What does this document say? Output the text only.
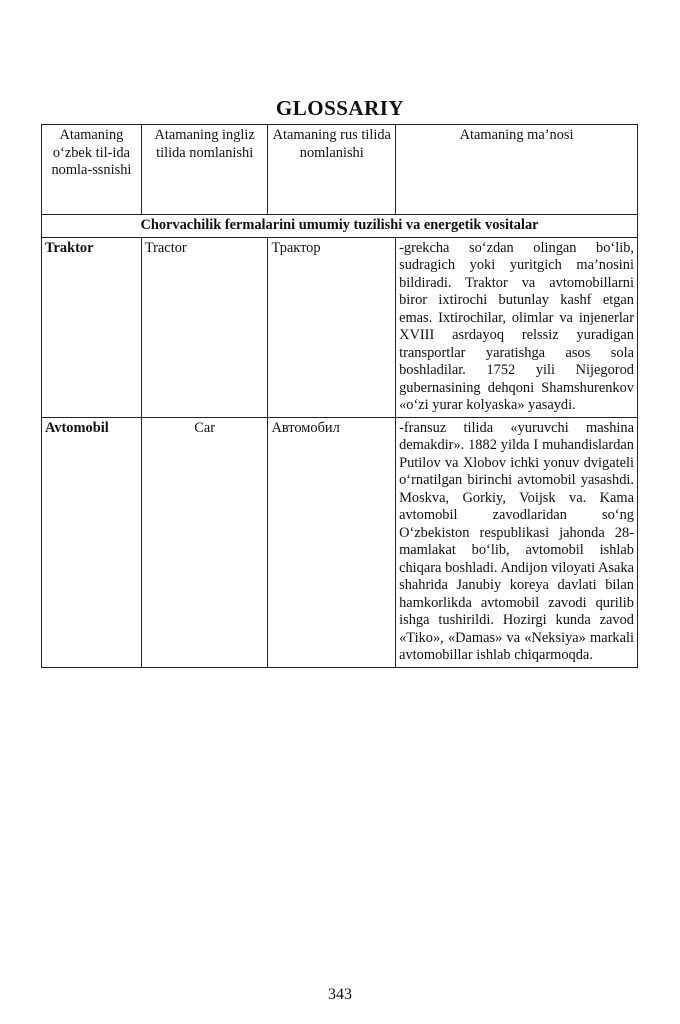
GLOSSARIY
Atamaning o‘zbek til-ida nomla-ssnishi	Atamaning ingliz tilida nomlanishi	Atamaning rus tilida nomlanishi	Atamaning ma’nosi
Chorvachilik fermalarini umumiy tuzilishi va energetik vositalar			
Traktor	Tractor	Трактор	-grekcha so‘zdan olingan bo‘lib, sudragich yoki yuritgich ma’nosini bildiradi. Traktor va avtomobillarni biror ixtirochi butunlay kashf etgan emas. Ixtirochilar, olimlar va injenerlar XVIII asrdayoq relssiz yuradigan transportlar yaratishga asos sola boshladilar. 1752 yili Nijegorod gubernasining dehqoni Shamshurenkov «o‘zi yurar kolyaska» yasaydi.
Avtomobil	Car	Автомобил	-fransuz tilida «yuruvchi mashina demakdir». 1882 yilda I muhandislardan Putilov va Xlobov ichki yonuv dvigateli o‘rnatilgan birinchi avtomobil yasashdi. Moskva, Gorkiy, Voijsk va. Kama avtomobil zavodlaridan so‘ng O‘zbekiston respublikasi jahonda 28- mamlakat bo‘lib, avtomobil ishlab chiqara boshladi. Andijon viloyati Asaka shahrida Janubiy koreya davlati bilan hamkorlikda avtomobil zavodi qurilib ishga tushirildi. Hozirgi kunda zavod «Tiko», «Damas» va «Neksiya» markali avtomobillar ishlab chiqarmoqda.
343
